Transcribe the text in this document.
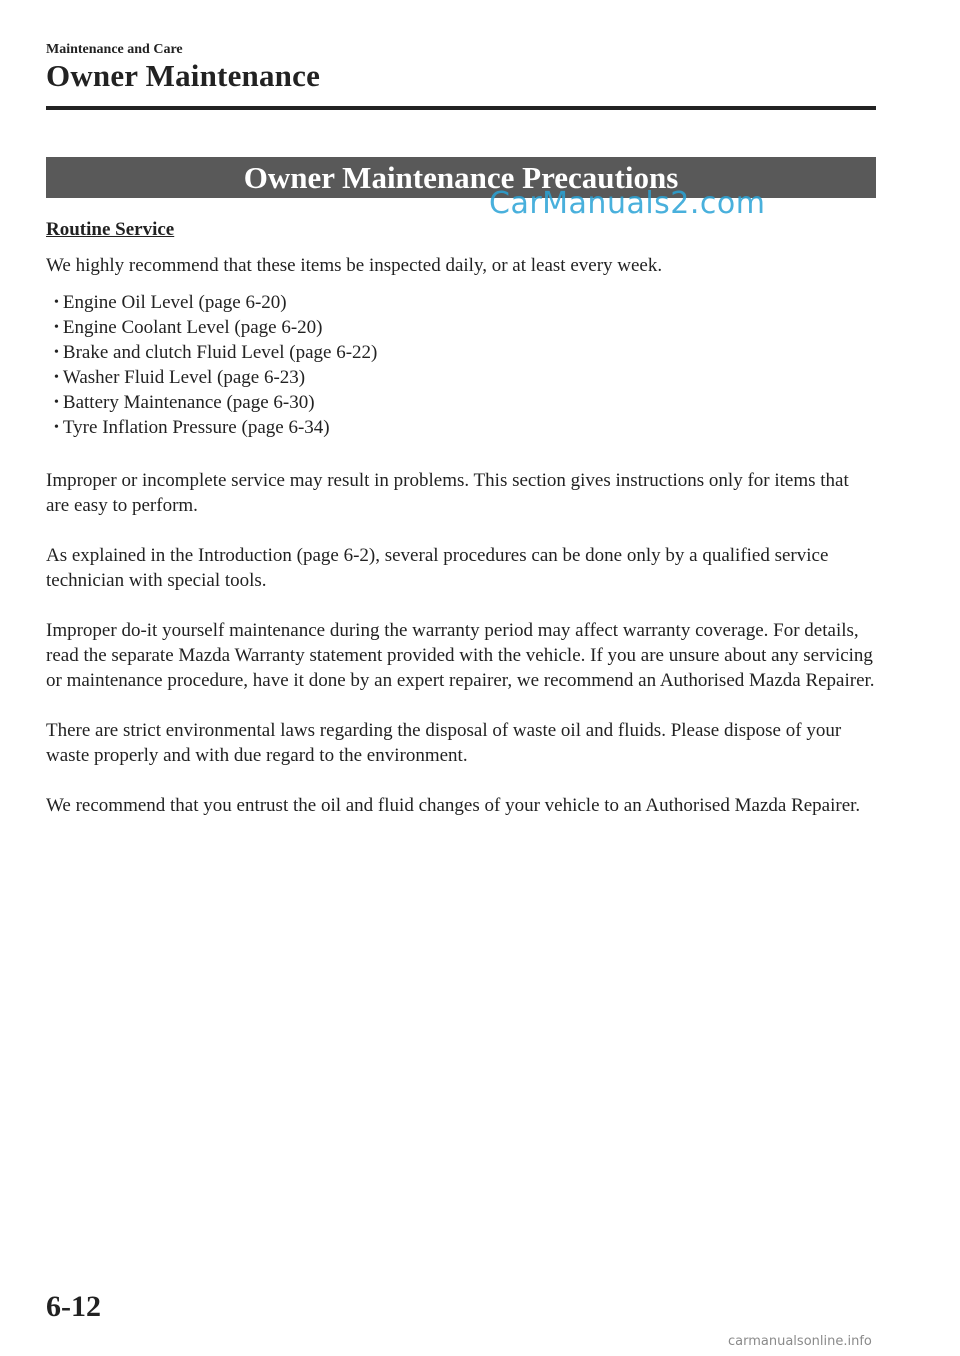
Maintenance and Care
Owner Maintenance
Owner Maintenance Precautions
CarManuals2.com
Routine Service

We highly recommend that these items be inspected daily, or at least every week.

• Engine Oil Level (page 6-20)
• Engine Coolant Level (page 6-20)
• Brake and clutch Fluid Level (page 6-22)
• Washer Fluid Level (page 6-23)
• Battery Maintenance (page 6-30)
• Tyre Inflation Pressure (page 6-34)

Improper or incomplete service may result in problems. This section gives instructions only for items that are easy to perform.

As explained in the Introduction (page 6-2), several procedures can be done only by a qualified service technician with special tools.

Improper do-it yourself maintenance during the warranty period may affect warranty coverage. For details, read the separate Mazda Warranty statement provided with the vehicle. If you are unsure about any servicing or maintenance procedure, have it done by an expert repairer, we recommend an Authorised Mazda Repairer.

There are strict environmental laws regarding the disposal of waste oil and fluids. Please dispose of your waste properly and with due regard to the environment.

We recommend that you entrust the oil and fluid changes of your vehicle to an Authorised Mazda Repairer.

6-12
carmanualsonline.info
